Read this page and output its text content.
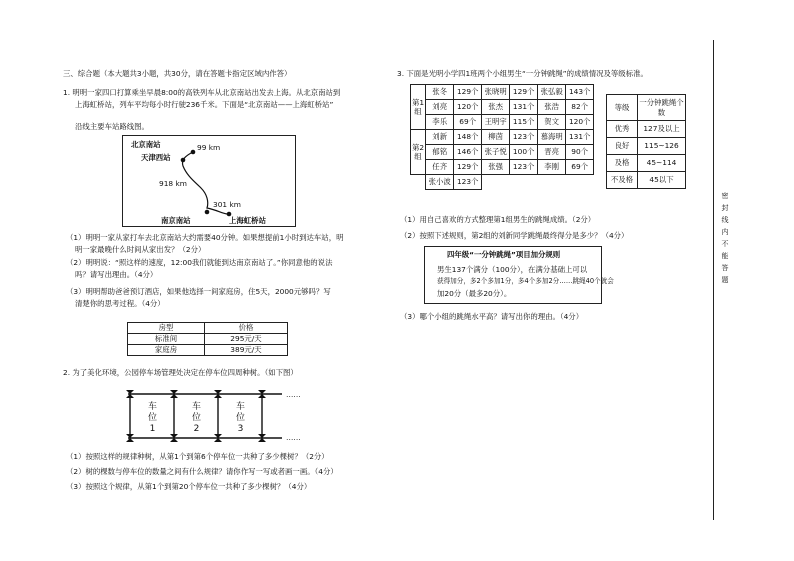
三、综合题（本大题共3小题，共30分，请在答题卡指定区域内作答）
1. 明明一家四口打算乘坐早晨8:00的高铁列车从北京南站出发去上海。从北京南站到
上海虹桥站，列车平均每小时行驶236千米。下面是“北京南站——上海虹桥站”
沿线主要车站路线图。
北京南站	99 km
天津西站
918 km
301 km
南京南站	上海虹桥站
（1）明明一家从家打车去北京南站大约需要40分钟。如果想提前1小时到达车站，明
明一家最晚什么时间从家出发？（2分）
（2）明明说：“照这样的速度，12:00我们就能到达南京南站了。”你同意他的说法
吗？请写出理由。（4分）
（3）明明帮助爸爸预订酒店，如果他选择一间家庭房，住5天，2000元够吗？写
清楚你的思考过程。（4分）
房型	价格
标准间	295元/天
家庭房	389元/天
2. 为了美化环境，公园停车场管理处决定在停车位四周种树。（如下图）
车
位
1
车
位
2
车
位
3
……
……
（1）按照这样的规律种树，从第1个到第6个停车位一共种了多少棵树？（2分）
（2）树的棵数与停车位的数量之间有什么规律？请你作写一写或者画一画。（4分）
（3）按照这个规律，从第1个到第20个停车位一共种了多少棵树？（4分）
3. 下面是光明小学四1班两个小组男生“一分钟跳绳”的成绩情况及等级标准。
第1组	张冬	129个	张晓明	129个	张弘毅	143个
	刘亮	120个	张杰	131个	张浩	82个
	李乐	69个	王明宇	115个	贺文	120个
第2组	刘新	148个	柳茵	123个	慕海明	131个
	郁铭	146个	张子悦	100个	晋亮	90个
	任齐	129个	张强	123个	李刚	69个
	张小波	123个				
等级	一分钟跳绳个数
优秀	127及以上
良好	115~126
及格	45~114
不及格	45以下
（1）用自己喜欢的方式整理第1组男生的跳绳成绩。（2分）
（2）按照下述规则，第2组的刘新同学跳绳最终得分是多少？（4分）
四年级“一分钟跳绳”项目加分规则
男生137个满分（100分），在满分基础上可以
获得加分，多2个多加1分，多4个多加2分……跳绳40个就会
加20分（最多20分）。
（3）哪个小组的跳绳水平高？请写出你的理由。（4分）
密
封
线
内
不
能
答
题
